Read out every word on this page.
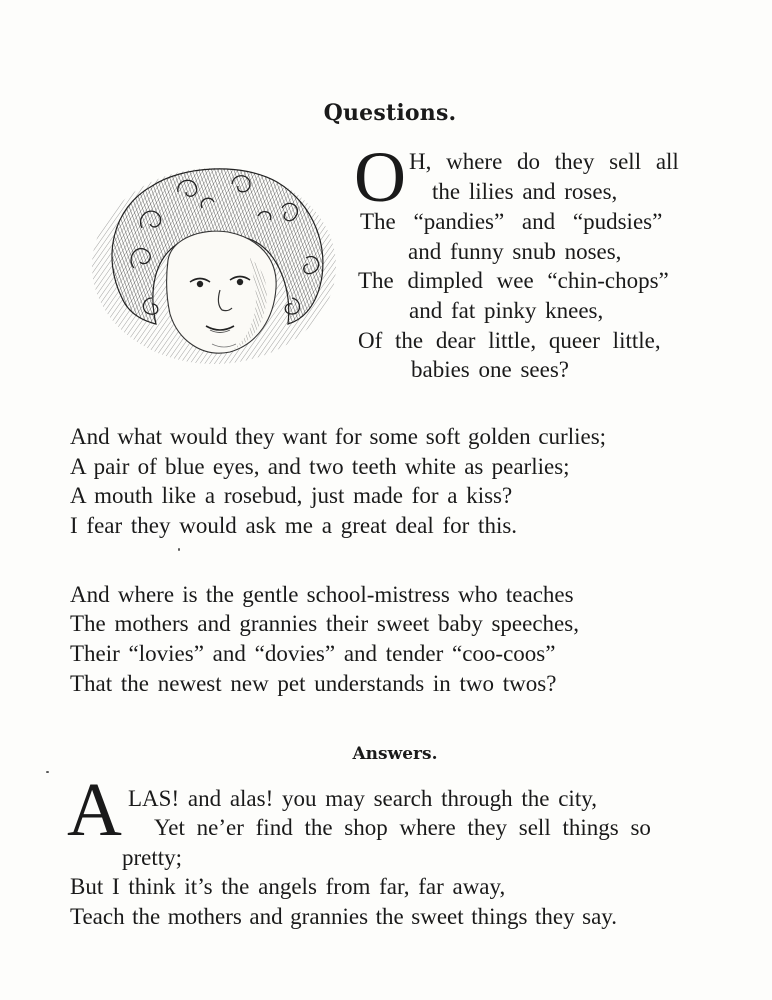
Questions.
O H, where do they sell all
the lilies and roses,
The “pandies” and “pudsies”
and funny snub noses,
The dimpled wee “chin-chops”
and fat pinky knees,
Of the dear little, queer little,
babies one sees?
And what would they want for some soft golden curlies;
A pair of blue eyes, and two teeth white as pearlies;
A mouth like a rosebud, just made for a kiss?
I fear they would ask me a great deal for this.
And where is the gentle school-mistress who teaches
The mothers and grannies their sweet baby speeches,
Their “lovies” and “dovies” and tender “coo-coos”
That the newest new pet understands in two twos?
Answers.
A LAS! and alas! you may search through the city,
Yet ne’er find the shop where they sell things so
pretty;
But I think it’s the angels from far, far away,
Teach the mothers and grannies the sweet things they say.
